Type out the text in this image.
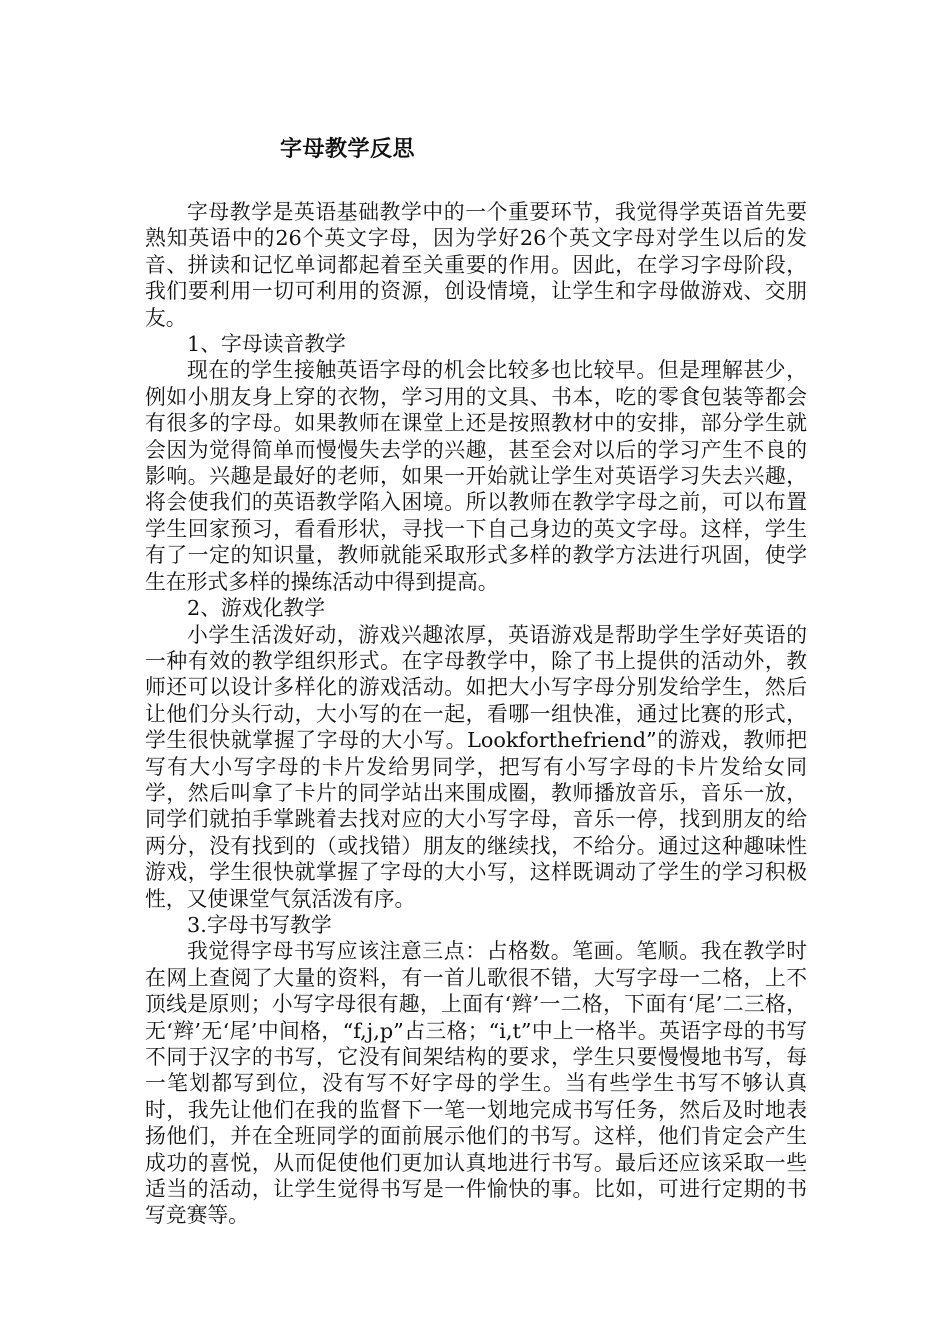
字母教学反思

字母教学是英语基础教学中的一个重要环节，我觉得学英语首先要熟知英语中的26个英文字母，因为学好26个英文字母对学生以后的发音、拼读和记忆单词都起着至关重要的作用。因此，在学习字母阶段，我们要利用一切可利用的资源，创设情境，让学生和字母做游戏、交朋友。

1、字母读音教学

现在的学生接触英语字母的机会比较多也比较早。但是理解甚少，例如小朋友身上穿的衣物，学习用的文具、书本，吃的零食包装等都会有很多的字母。如果教师在课堂上还是按照教材中的安排，部分学生就会因为觉得简单而慢慢失去学的兴趣，甚至会对以后的学习产生不良的影响。兴趣是最好的老师，如果一开始就让学生对英语学习失去兴趣，将会使我们的英语教学陷入困境。所以教师在教学字母之前，可以布置学生回家预习，看看形状，寻找一下自己身边的英文字母。这样，学生有了一定的知识量，教师就能采取形式多样的教学方法进行巩固，使学生在形式多样的操练活动中得到提高。

2、游戏化教学

小学生活泼好动，游戏兴趣浓厚，英语游戏是帮助学生学好英语的一种有效的教学组织形式。在字母教学中，除了书上提供的活动外，教师还可以设计多样化的游戏活动。如把大小写字母分别发给学生，然后让他们分头行动，大小写的在一起，看哪一组快准，通过比赛的形式，学生很快就掌握了字母的大小写。Lookforthefriend”的游戏，教师把写有大小写字母的卡片发给男同学，把写有小写字母的卡片发给女同学，然后叫拿了卡片的同学站出来围成圈，教师播放音乐，音乐一放，同学们就拍手掌跳着去找对应的大小写字母，音乐一停，找到朋友的给两分，没有找到的（或找错）朋友的继续找，不给分。通过这种趣味性游戏，学生很快就掌握了字母的大小写，这样既调动了学生的学习积极性，又使课堂气氛活泼有序。

3.字母书写教学

我觉得字母书写应该注意三点：占格数。笔画。笔顺。我在教学时在网上查阅了大量的资料，有一首儿歌很不错，大写字母一二格，上不顶线是原则；小写字母很有趣，上面有‘辫’一二格，下面有‘尾’二三格，无‘辫’无‘尾’中间格，“f,j,p”占三格；“i,t”中上一格半。英语字母的书写不同于汉字的书写，它没有间架结构的要求，学生只要慢慢地书写，每一笔划都写到位，没有写不好字母的学生。当有些学生书写不够认真时，我先让他们在我的监督下一笔一划地完成书写任务，然后及时地表扬他们，并在全班同学的面前展示他们的书写。这样，他们肯定会产生成功的喜悦，从而促使他们更加认真地进行书写。最后还应该采取一些适当的活动，让学生觉得书写是一件愉快的事。比如，可进行定期的书写竞赛等。
